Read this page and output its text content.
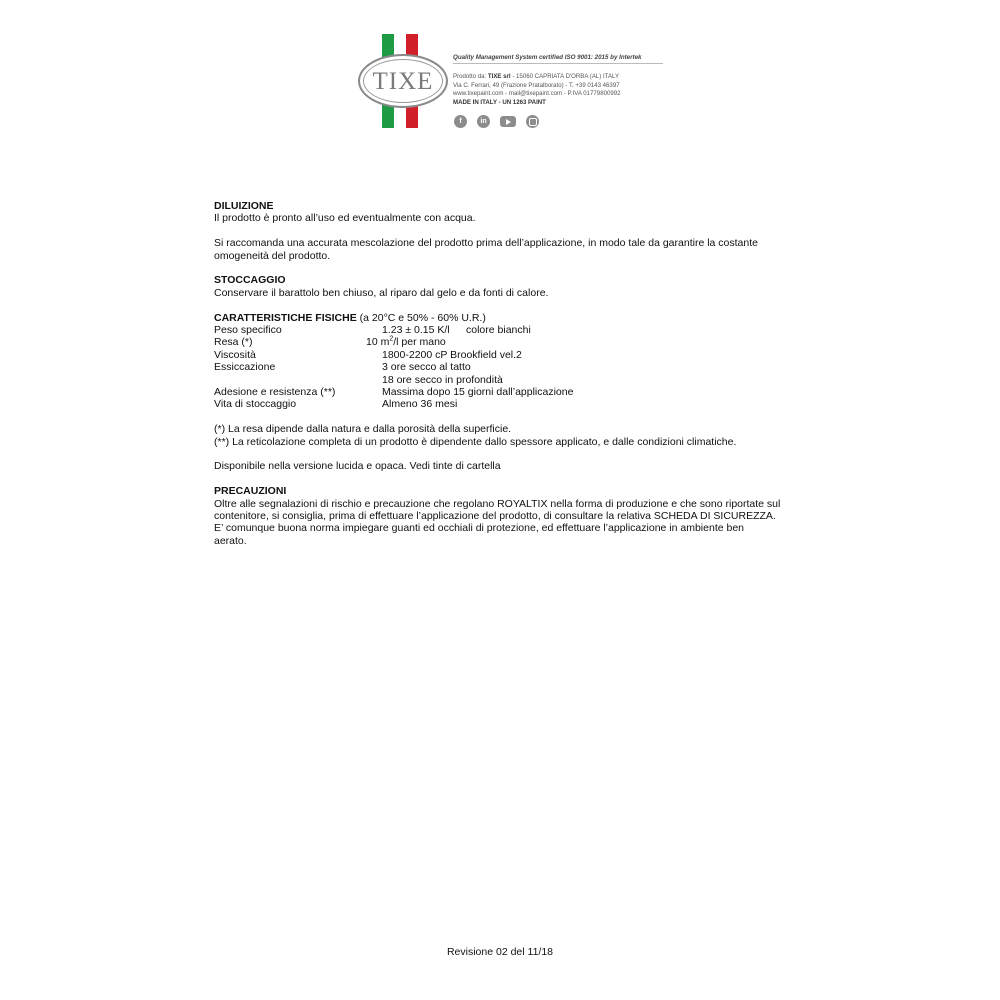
TIXE
Quality Management System certified ISO 9001: 2015 by Intertek
Prodotto da: TIXE srl - 15060 CAPRIATA D'ORBA (AL) ITALY
Via C. Ferrari, 49 (Frazione Pratalborato) - T. +39 0143 46397
www.tixepaint.com - mail@tixepaint.com - P.IVA 01779800992
MADE IN ITALY - UN 1263 PAINT
f	in

DILUIZIONE

Il prodotto è pronto all’uso ed eventualmente con acqua.

Si raccomanda una accurata mescolazione del prodotto prima dell’applicazione, in modo tale da garantire la costante

omogeneità del prodotto.

STOCCAGGIO

Conservare il barattolo ben chiuso, al riparo dal gelo e da fonti di calore.

CARATTERISTICHE FISICHE (a 20°C e 50% - 60% U.R.)

Peso specifico	1.23 ± 0.15 K/l colore bianchi
Resa (*)	10 $m^2/l$ per mano
Viscosità	1800-2200 cP Brookfield vel.2
Essiccazione	3 ore secco al tatto
18 ore secco in profondità
Adesione e resistenza (**)	Massima dopo 15 giorni dall’applicazione
Vita di stoccaggio	Almeno 36 mesi

(*) La resa dipende dalla natura e dalla porosità della superficie.

(**) La reticolazione completa di un prodotto è dipendente dallo spessore applicato, e dalle condizioni climatiche.

Disponibile nella versione lucida e opaca. Vedi tinte di cartella

PRECAUZIONI

Oltre alle segnalazioni di rischio e precauzione che regolano ROYALTIX nella forma di produzione e che sono riportate sul

contenitore, si consiglia, prima di effettuare l’applicazione del prodotto, di consultare la relativa SCHEDA DI SICUREZZA.

E’ comunque buona norma impiegare guanti ed occhiali di protezione, ed effettuare l’applicazione in ambiente ben

aerato.

Revisione 02 del 11/18
